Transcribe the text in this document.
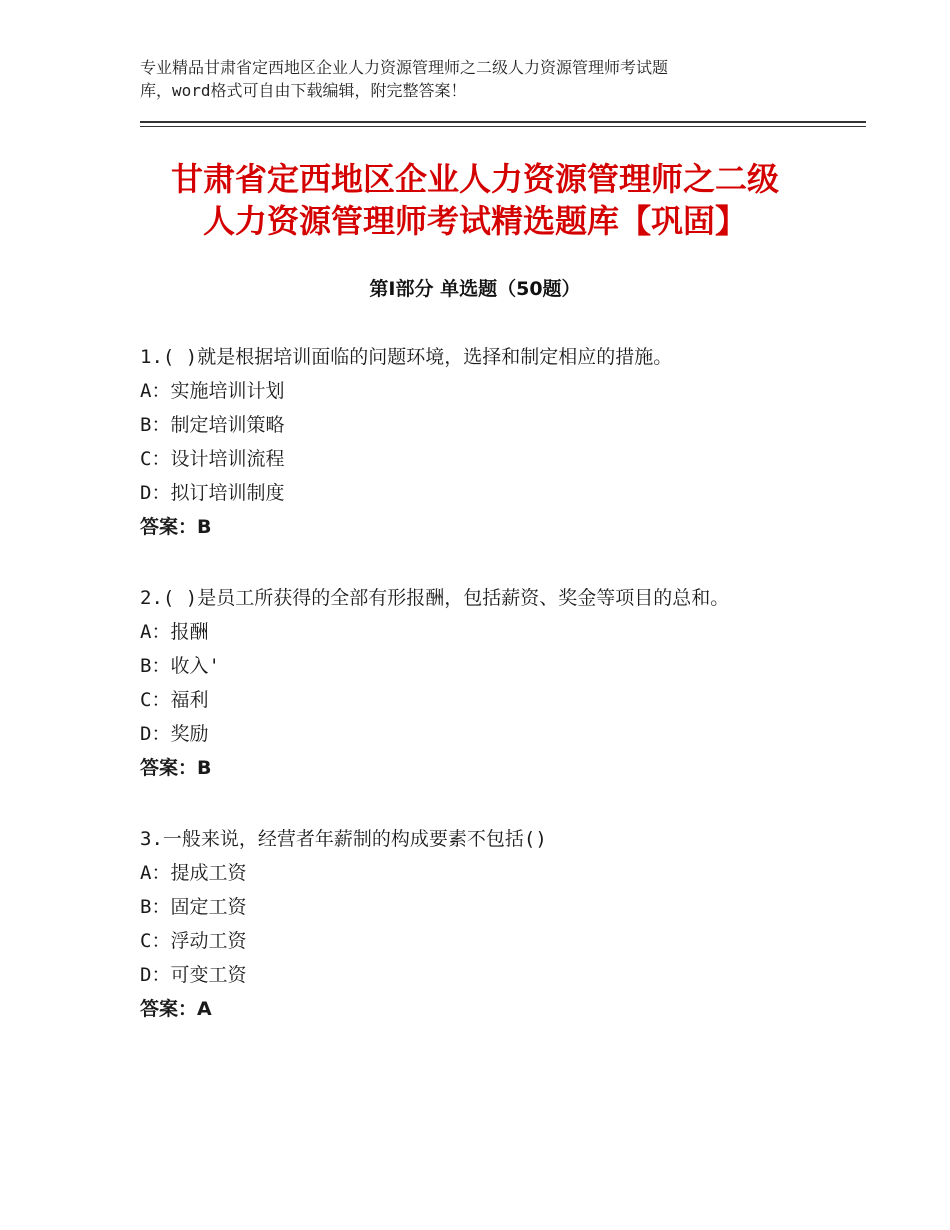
专业精品甘肃省定西地区企业人力资源管理师之二级人力资源管理师考试题
库，word格式可自由下载编辑，附完整答案！
甘肃省定西地区企业人力资源管理师之二级
人力资源管理师考试精选题库【巩固】
第I部分 单选题（50题）
1.( )就是根据培训面临的问题环境，选择和制定相应的措施。
A：实施培训计划
B：制定培训策略
C：设计培训流程
D：拟订培训制度
答案：B
2.( )是员工所获得的全部有形报酬，包括薪资、奖金等项目的总和。
A：报酬
B：收入'
C：福利
D：奖励
答案：B
3.一般来说，经营者年薪制的构成要素不包括()
A：提成工资
B：固定工资
C：浮动工资
D：可变工资
答案：A
